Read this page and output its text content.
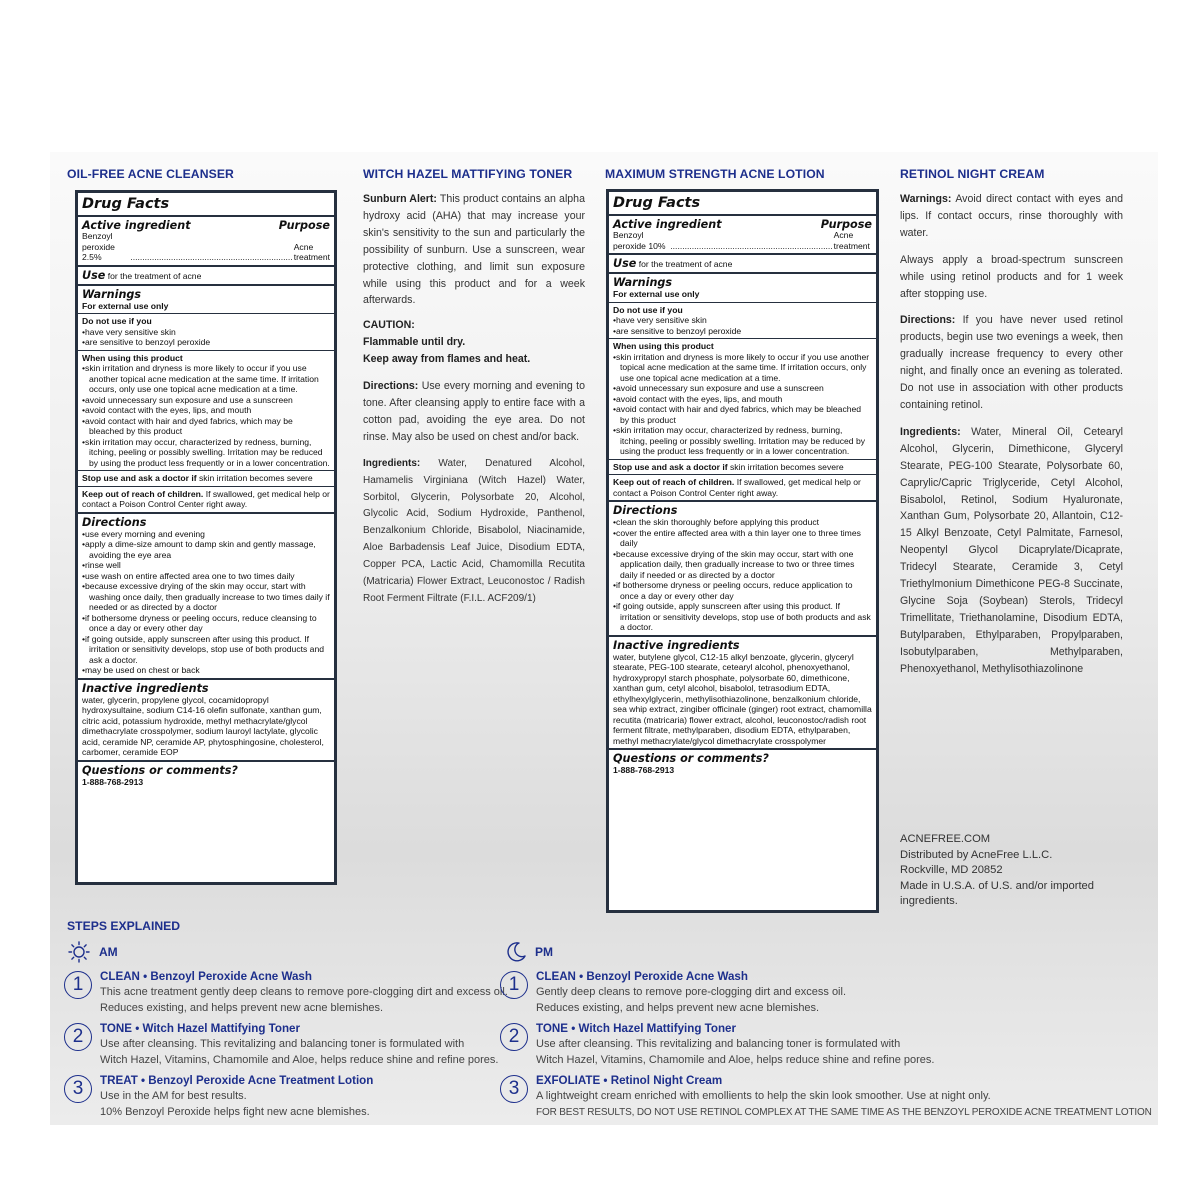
OIL-FREE ACNE CLEANSER	WITCH HAZEL MATTIFYING TONER	MAXIMUM STRENGTH ACNE LOTION	RETINOL NIGHT CREAM
Drug Facts
Active ingredient	Purpose
Benzoyl peroxide 2.5%	....................................................................
Acne treatment
Use for the treatment of acne
Warnings
For external use only
Do not use if you
• have very sensitive skin
• are sensitive to benzoyl peroxide
When using this product
• skin irritation and dryness is more likely to occur if you use another topical acne medication at the same time. If irritation occurs, only use one topical acne medication at a time.
• avoid unnecessary sun exposure and use a sunscreen
• avoid contact with the eyes, lips, and mouth
• avoid contact with hair and dyed fabrics, which may be bleached by this product
• skin irritation may occur, characterized by redness, burning, itching, peeling or possibly swelling. Irritation may be reduced by using the product less frequently or in a lower concentration.
Stop use and ask a doctor if skin irritation becomes severe
Keep out of reach of children. If swallowed, get medical help or contact a Poison Control Center right away.
Directions
• use every morning and evening
• apply a dime-size amount to damp skin and gently massage, avoiding the eye area
• rinse well
• use wash on entire affected area one to two times daily
• because excessive drying of the skin may occur, start with washing once daily, then gradually increase to two times daily if needed or as directed by a doctor
• if bothersome dryness or peeling occurs, reduce cleansing to once a day or every other day
• if going outside, apply sunscreen after using this product. If irritation or sensitivity develops, stop use of both products and ask a doctor.
• may be used on chest or back
Inactive ingredients
water, glycerin, propylene glycol, cocamidopropyl hydroxysultaine, sodium C14-16 olefin sulfonate, xanthan gum, citric acid, potassium hydroxide, methyl methacrylate/glycol dimethacrylate crosspolymer, sodium lauroyl lactylate, glycolic acid, ceramide NP, ceramide AP, phytosphingosine, cholesterol, carbomer, ceramide EOP
Questions or comments?
1-888-768-2913

Sunburn Alert: This product contains an alpha hydroxy acid (AHA) that may increase your skin's sensitivity to the sun and particularly the possibility of sunburn. Use a sunscreen, wear protective clothing, and limit sun exposure while using this product and for a week afterwards.

CAUTION:
Flammable until dry.
Keep away from flames and heat.

Directions: Use every morning and evening to tone. After cleansing apply to entire face with a cotton pad, avoiding the eye area. Do not rinse. May also be used on chest and/or back.

Ingredients: Water, Denatured Alcohol, Hamamelis Virginiana (Witch Hazel) Water, Sorbitol, Glycerin, Polysorbate 20, Alcohol, Glycolic Acid, Sodium Hydroxide, Panthenol, Benzalkonium Chloride, Bisabolol, Niacinamide, Aloe Barbadensis Leaf Juice, Disodium EDTA, Copper PCA, Lactic Acid, Chamomilla Recutita (Matricaria) Flower Extract, Leuconostoc / Radish Root Ferment Filtrate (F.I.L. ACF209/1)

Drug Facts
Active ingredient	Purpose
Benzoyl peroxide 10% ....................................................................
Acne treatment
Use for the treatment of acne
Warnings
For external use only
Do not use if you
• have very sensitive skin
• are sensitive to benzoyl peroxide
When using this product
• skin irritation and dryness is more likely to occur if you use another topical acne medication at the same time. If irritation occurs, only use one topical acne medication at a time.
• avoid unnecessary sun exposure and use a sunscreen
• avoid contact with the eyes, lips, and mouth
• avoid contact with hair and dyed fabrics, which may be bleached by this product
• skin irritation may occur, characterized by redness, burning, itching, peeling or possibly swelling. Irritation may be reduced by using the product less frequently or in a lower concentration.
Stop use and ask a doctor if skin irritation becomes severe
Keep out of reach of children. If swallowed, get medical help or contact a Poison Control Center right away.
Directions
• clean the skin thoroughly before applying this product
• cover the entire affected area with a thin layer one to three times daily
• because excessive drying of the skin may occur, start with one application daily, then gradually increase to two or three times daily if needed or as directed by a doctor
• if bothersome dryness or peeling occurs, reduce application to once a day or every other day
• if going outside, apply sunscreen after using this product. If irritation or sensitivity develops, stop use of both products and ask a doctor.
Inactive ingredients
water, butylene glycol, C12-15 alkyl benzoate, glycerin, glyceryl stearate, PEG-100 stearate, cetearyl alcohol, phenoxyethanol, hydroxypropyl starch phosphate, polysorbate 60, dimethicone, xanthan gum, cetyl alcohol, bisabolol, tetrasodium EDTA, ethylhexylglycerin, methylisothiazolinone, benzalkonium chloride, sea whip extract, zingiber officinale (ginger) root extract, chamomilla recutita (matricaria) flower extract, alcohol, leuconostoc/radish root ferment filtrate, methylparaben, disodium EDTA, ethylparaben, methyl methacrylate/glycol dimethacrylate crosspolymer
Questions or comments?
1-888-768-2913

Warnings: Avoid direct contact with eyes and lips. If contact occurs, rinse thoroughly with water.

Always apply a broad-spectrum sunscreen while using retinol products and for 1 week after stopping use.

Directions: If you have never used retinol products, begin use two evenings a week, then gradually increase frequency to every other night, and finally once an evening as tolerated. Do not use in association with other products containing retinol.

Ingredients: Water, Mineral Oil, Cetearyl Alcohol, Glycerin, Dimethicone, Glyceryl Stearate, PEG-100 Stearate, Polysorbate 60, Caprylic/Capric Triglyceride, Cetyl Alcohol, Bisabolol, Retinol, Sodium Hyaluronate, Xanthan Gum, Polysorbate 20, Allantoin, C12-15 Alkyl Benzoate, Cetyl Palmitate, Farnesol, Neopentyl Glycol Dicaprylate/Dicaprate, Tridecyl Stearate, Ceramide 3, Cetyl Triethylmonium Dimethicone PEG-8 Succinate, Glycine Soja (Soybean) Sterols, Tridecyl Trimellitate, Triethanolamine, Disodium EDTA, Butylparaben, Ethylparaben, Propylparaben, Isobutylparaben, Methylparaben, Phenoxyethanol, Methylisothiazolinone

ACNEFREE.COM
Distributed by AcneFree L.L.C.
Rockville, MD 20852
Made in U.S.A. of U.S. and/or imported
ingredients.
STEPS EXPLAINED
AM	PM
1	CLEAN • Benzoyl Peroxide Acne Wash
This acne treatment gently deep cleans to remove pore-clogging dirt and excess oil.
Reduces existing, and helps prevent new acne blemishes.
2	TONE • Witch Hazel Mattifying Toner
Use after cleansing. This revitalizing and balancing toner is formulated with
Witch Hazel, Vitamins, Chamomile and Aloe, helps reduce shine and refine pores.
3	TREAT • Benzoyl Peroxide Acne Treatment Lotion
Use in the AM for best results.
10% Benzoyl Peroxide helps fight new acne blemishes.
1	CLEAN • Benzoyl Peroxide Acne Wash
Gently deep cleans to remove pore-clogging dirt and excess oil.
Reduces existing, and helps prevent new acne blemishes.
2	TONE • Witch Hazel Mattifying Toner
Use after cleansing. This revitalizing and balancing toner is formulated with
Witch Hazel, Vitamins, Chamomile and Aloe, helps reduce shine and refine pores.
3	EXFOLIATE • Retinol Night Cream
A lightweight cream enriched with emollients to help the skin look smoother. Use at night only.
FOR BEST RESULTS, DO NOT USE RETINOL COMPLEX AT THE SAME TIME AS THE BENZOYL PEROXIDE ACNE TREATMENT LOTION
